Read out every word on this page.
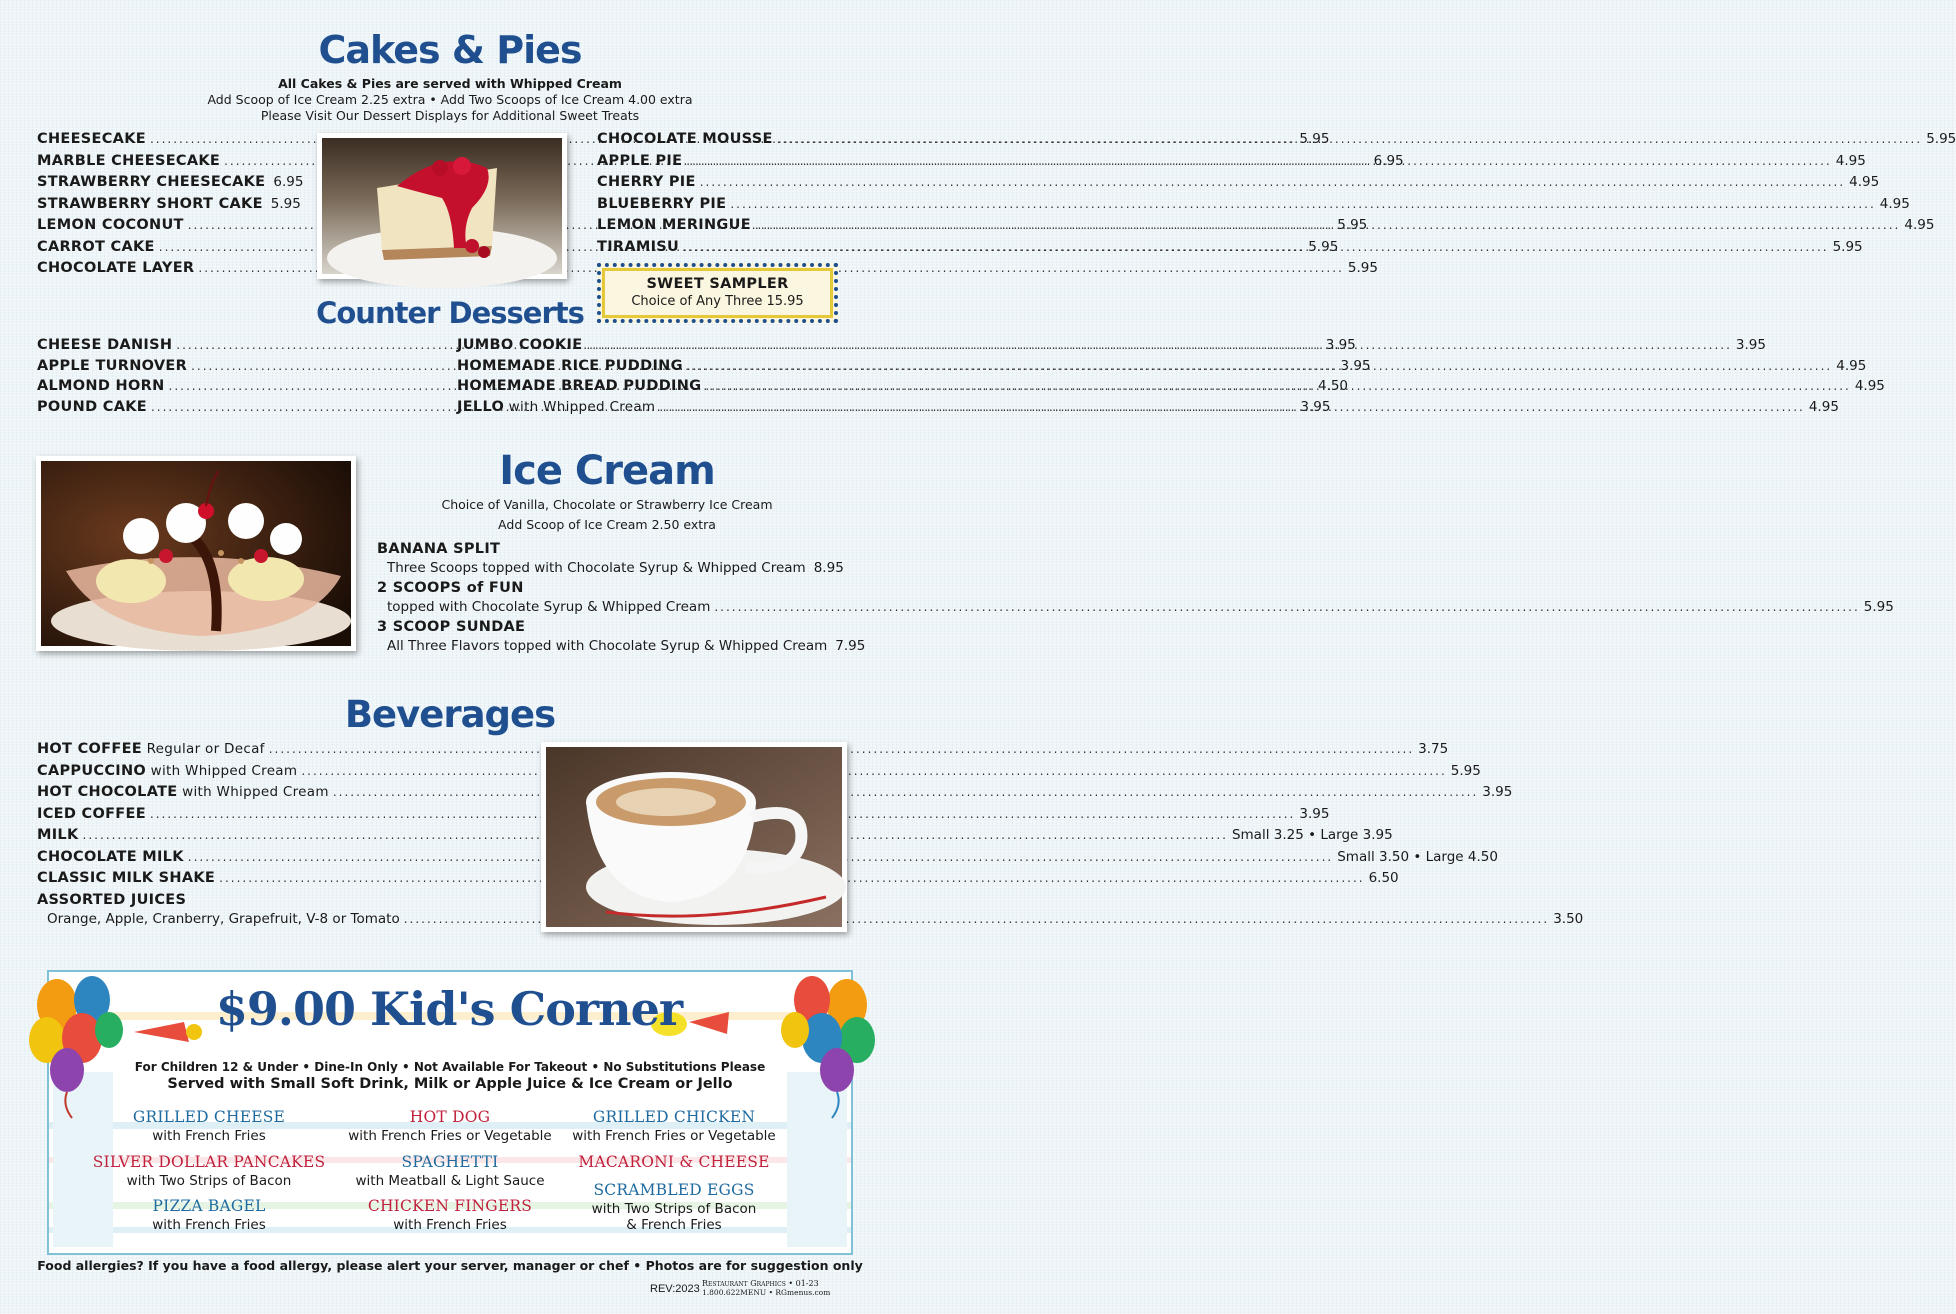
Cakes & Pies
All Cakes & Pies are served with Whipped Cream
Add Scoop of Ice Cream 2.25 extra • Add Two Scoops of Ice Cream 4.00 extra
Please Visit Our Dessert Displays for Additional Sweet Treats
CHEESECAKE .....	5.95
MARBLE CHEESECAKE .....	6.95
STRAWBERRY CHEESECAKE 6.95
STRAWBERRY SHORT CAKE 5.95
LEMON COCONUT .....	5.95
CARROT CAKE .....	5.95
CHOCOLATE LAYER .....	5.95
CHOCOLATE MOUSSE .....	5.95
APPLE PIE .....	4.95
CHERRY PIE .....	4.95
BLUEBERRY PIE .....	4.95
LEMON MERINGUE .....	4.95
TIRAMISU .....	5.95
SWEET SAMPLER
Choice of Any Three 15.95
Counter Desserts
CHEESE DANISH .....	3.95
APPLE TURNOVER .....	3.95
ALMOND HORN .....	4.50
POUND CAKE .....	3.95
JUMBO COOKIE .....	3.95
HOMEMADE RICE PUDDING .....	4.95
HOMEMADE BREAD PUDDING .....	4.95
JELLO with Whipped Cream .....	4.95
Ice Cream
Choice of Vanilla, Chocolate or Strawberry Ice Cream
Add Scoop of Ice Cream 2.50 extra
BANANA SPLIT
Three Scoops topped with Chocolate Syrup & Whipped Cream 8.95
2 SCOOPS of FUN
topped with Chocolate Syrup & Whipped Cream .....	5.95
3 SCOOP SUNDAE
All Three Flavors topped with Chocolate Syrup & Whipped Cream 7.95
Beverages
HOT COFFEE Regular or Decaf .....	3.75
CAPPUCCINO with Whipped Cream .....	5.95
HOT CHOCOLATE with Whipped Cream .....	3.95
ICED COFFEE .....	3.95
MILK .....	Small 3.25 • Large 3.95
CHOCOLATE MILK .....	Small 3.50 • Large 4.50
CLASSIC MILK SHAKE .....	6.50
ASSORTED JUICES
Orange, Apple, Cranberry, Grapefruit, V-8 or Tomato .....	3.50
$9.00 Kid's Corner
For Children 12 & Under • Dine-In Only • Not Available For Takeout • No Substitutions Please
Served with Small Soft Drink, Milk or Apple Juice & Ice Cream or Jello
GRILLED CHEESE
with French Fries
HOT DOG
with French Fries or Vegetable
GRILLED CHICKEN
with French Fries or Vegetable
SILVER DOLLAR PANCAKES
with Two Strips of Bacon
SPAGHETTI
with Meatball & Light Sauce
MACARONI & CHEESE
PIZZA BAGEL
with French Fries
CHICKEN FINGERS
with French Fries
SCRAMBLED EGGS
with Two Strips of Bacon
& French Fries
Food allergies? If you have a food allergy, please alert your server, manager or chef • Photos are for suggestion only
REV:2023 Restaurant Graphics • 01-23
1.800.622MENU • RGmenus.com
